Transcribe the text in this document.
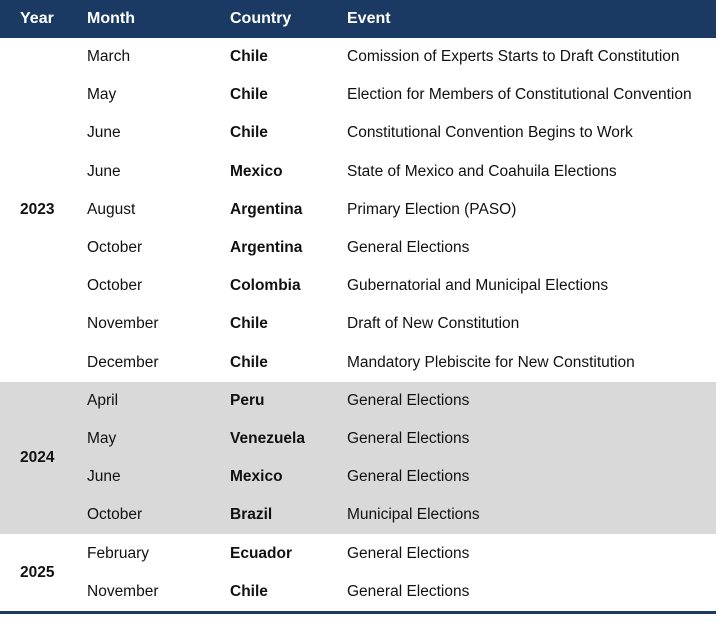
Year	Month	Country	Event
2023	March	Chile	Comission of Experts Starts to Draft Constitution
	May	Chile	Election for Members of Constitutional Convention
	June	Chile	Constitutional Convention Begins to Work
	June	Mexico	State of Mexico and Coahuila Elections
	August	Argentina	Primary Election (PASO)
	October	Argentina	General Elections
	October	Colombia	Gubernatorial and Municipal Elections
	November	Chile	Draft of New Constitution
	December	Chile	Mandatory Plebiscite for New Constitution
2024	April	Peru	General Elections
	May	Venezuela	General Elections
	June	Mexico	General Elections
	October	Brazil	Municipal Elections
2025	February	Ecuador	General Elections
	November	Chile	General Elections
